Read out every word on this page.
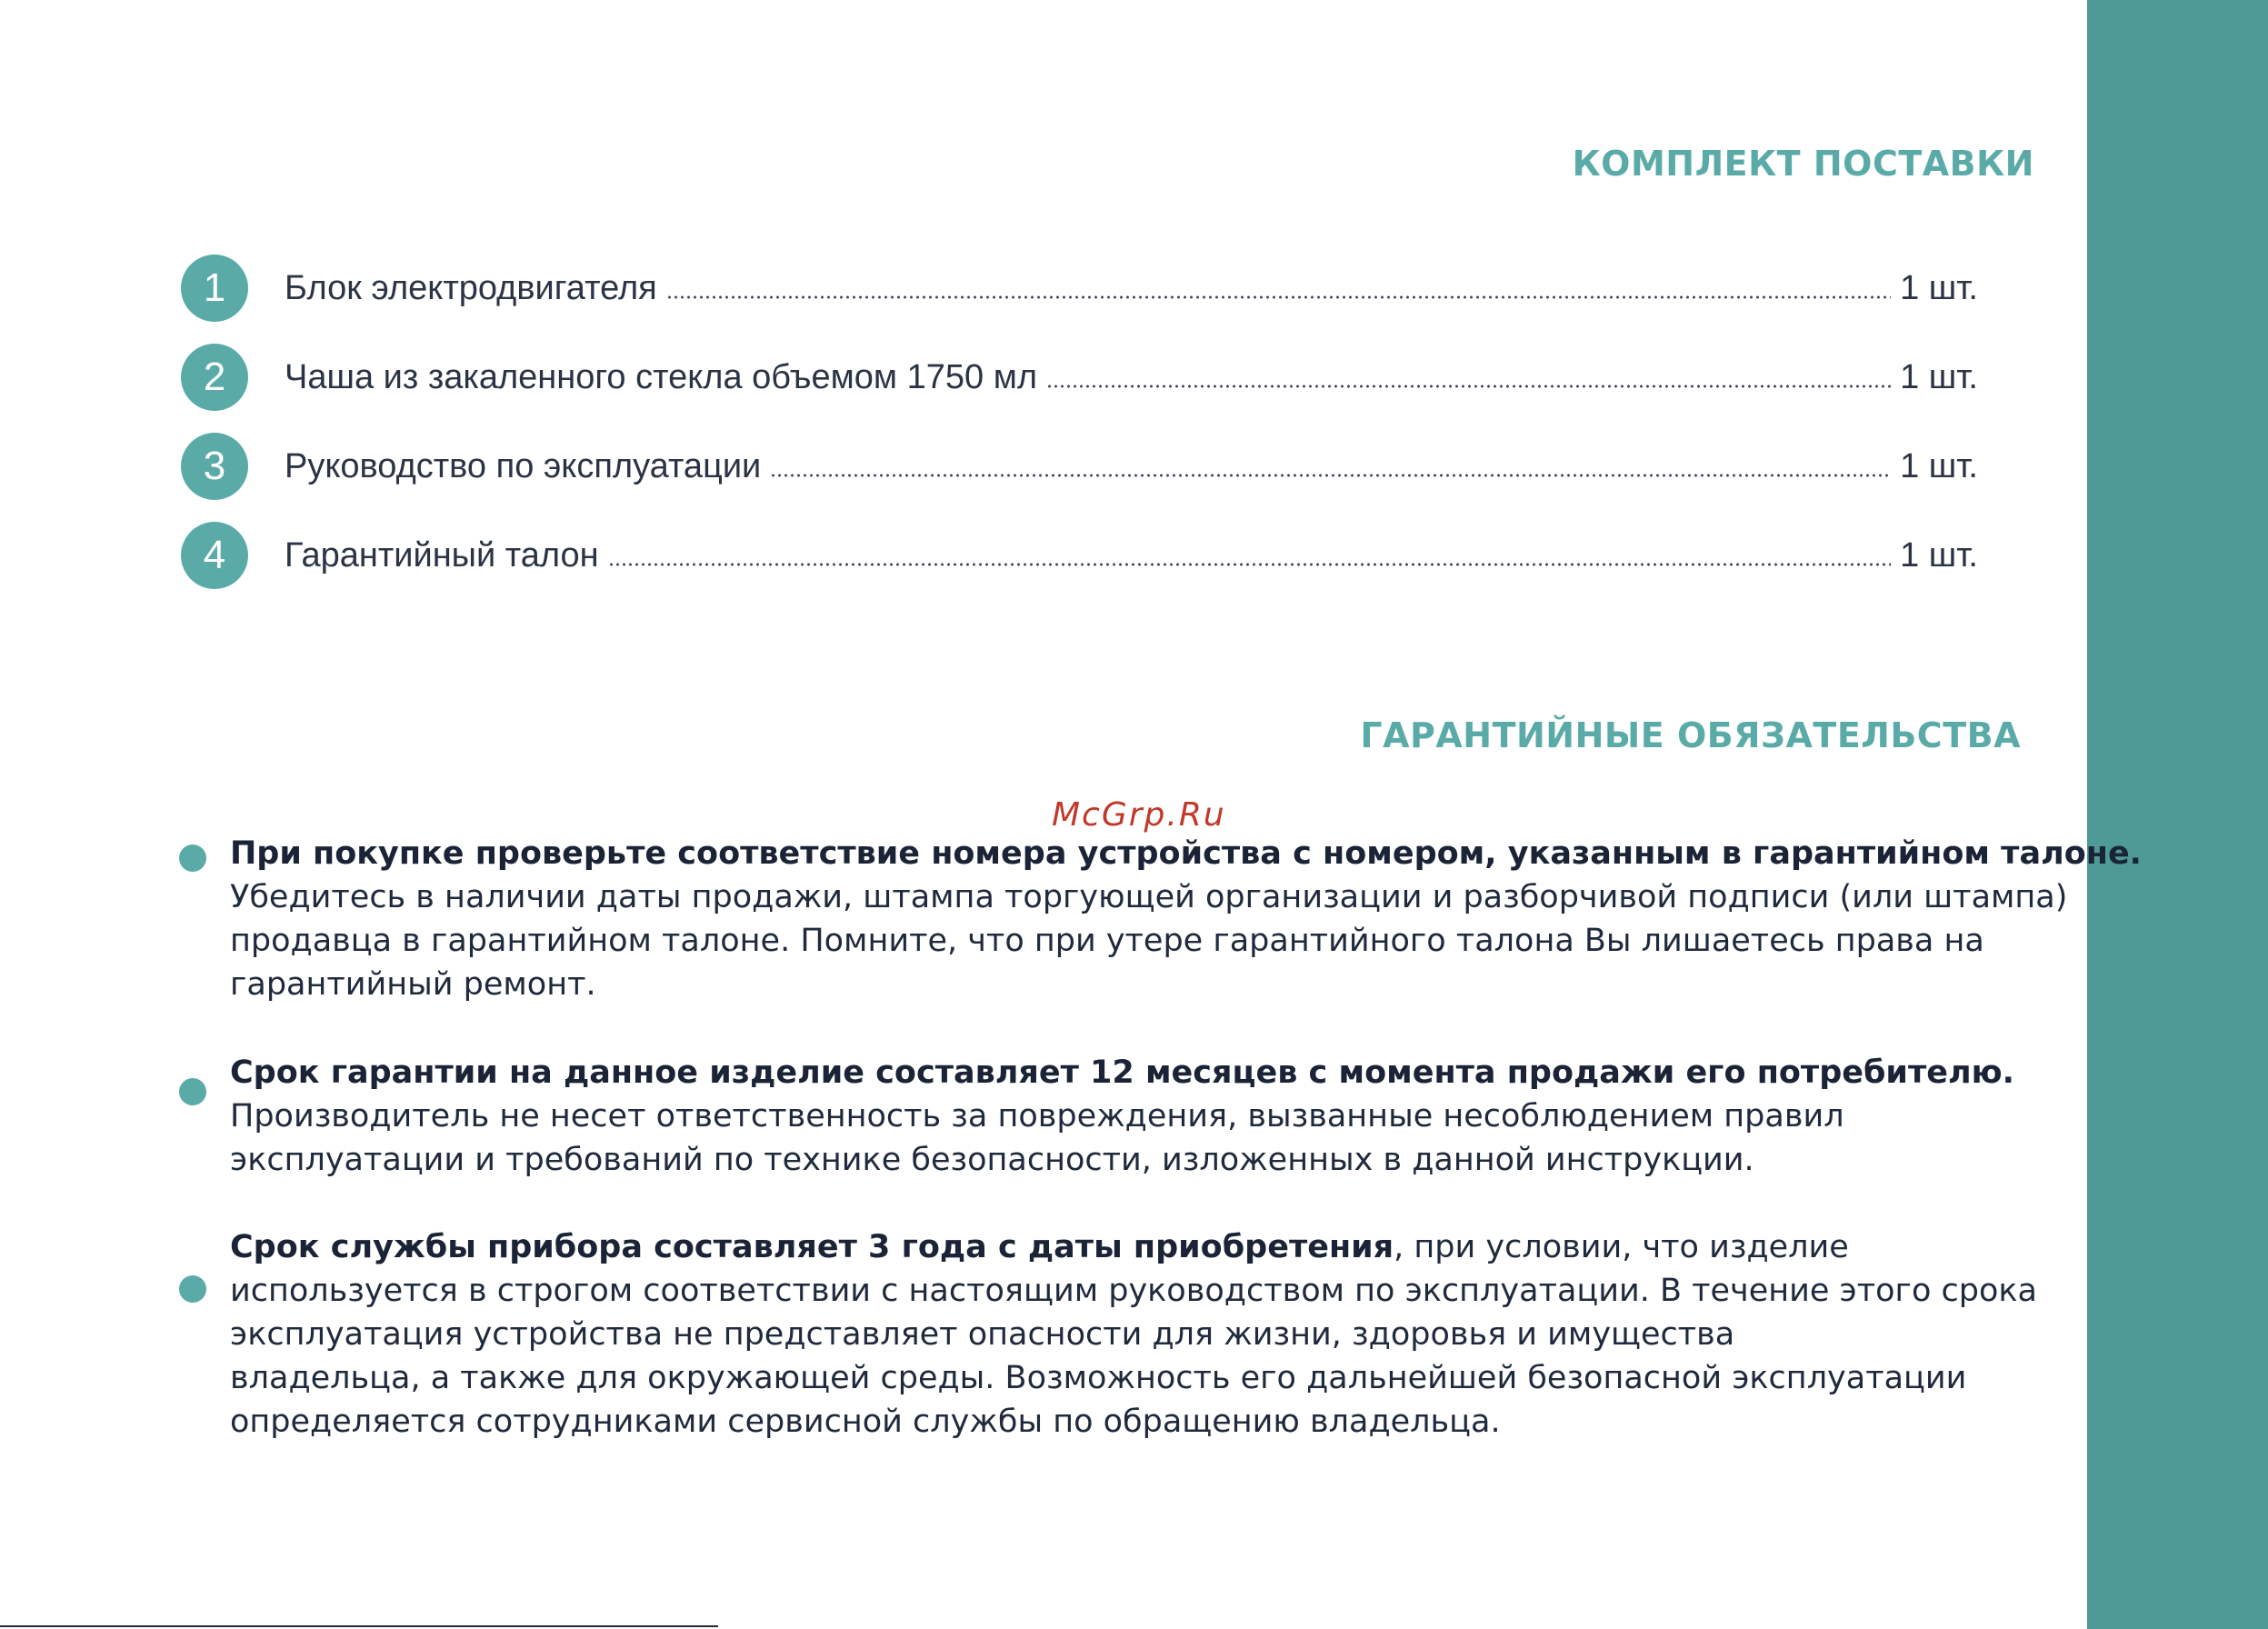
КОМПЛЕКТ ПОСТАВКИ
1	Блок электродвигателя	1 шт.
2	Чаша из закаленного стекла объемом 1750 мл	1 шт.
3	Руководство по эксплуатации	1 шт.
4	Гарантийный талон	1 шт.
ГАРАНТИЙНЫЕ ОБЯЗАТЕЛЬСТВА
McGrp.Ru
При покупке проверьте соответствие номера устройства с номером, указанным в гарантийном талоне.
Убедитесь в наличии даты продажи, штампа торгующей организации и разборчивой подписи (или штампа)
продавца в гарантийном талоне. Помните, что при утере гарантийного талона Вы лишаетесь права на
гарантийный ремонт.
Срок гарантии на данное изделие составляет 12 месяцев с момента продажи его потребителю.
Производитель не несет ответственность за повреждения, вызванные несоблюдением правил
эксплуатации и требований по технике безопасности, изложенных в данной инструкции.
Срок службы прибора составляет 3 года с даты приобретения, при условии, что изделие
используется в строгом соответствии с настоящим руководством по эксплуатации. В течение этого срока
эксплуатация устройства не представляет опасности для жизни, здоровья и имущества
владельца, а также для окружающей среды. Возможность его дальнейшей безопасной эксплуатации
определяется сотрудниками сервисной службы по обращению владельца.
